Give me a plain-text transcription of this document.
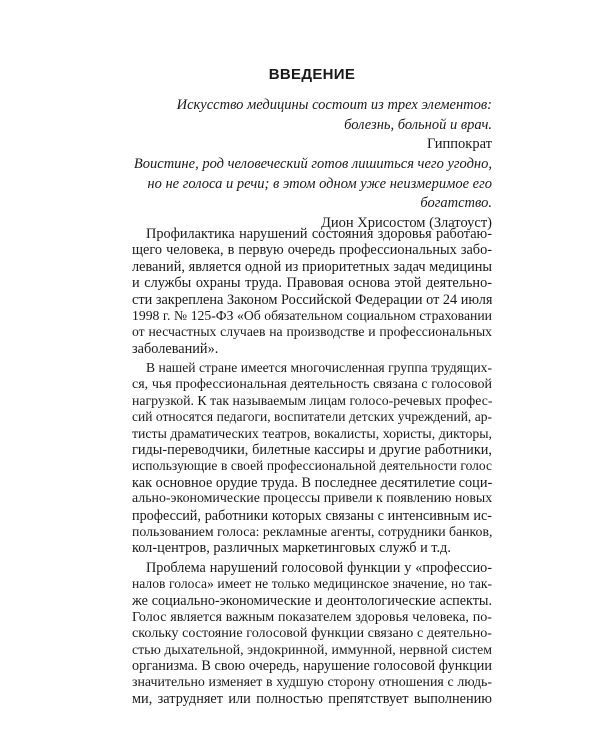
ВВЕДЕНИЕ
Искусство медицины состоит из трех элементов:
болезнь, больной и врач.
Гиппократ
Воистине, род человеческий готов лишиться чего угодно,
но не голоса и речи; в этом одном уже неизмеримое его
богатство.
Дион Хрисостом (Златоуст)

Профилактика нарушений состояния здоровья работаю-
щего человека, в первую очередь профессиональных забо-
леваний, является одной из приоритетных задач медицины
и службы охраны труда. Правовая основа этой деятельно-
сти закреплена Законом Российской Федерации от 24 июля
1998 г. № 125-ФЗ «Об обязательном социальном страховании
от несчастных случаев на производстве и профессиональных
заболеваний».

В нашей стране имеется многочисленная группа трудящих-
ся, чья профессиональная деятельность связана с голосовой
нагрузкой. К так называемым лицам голосо-речевых профес-
сий относятся педагоги, воспитатели детских учреждений, ар-
тисты драматических театров, вокалисты, хористы, дикторы,
гиды-переводчики, билетные кассиры и другие работники,
использующие в своей профессиональной деятельности голос
как основное орудие труда. В последнее десятилетие соци-
ально-экономические процессы привели к появлению новых
профессий, работники которых связаны с интенсивным ис-
пользованием голоса: рекламные агенты, сотрудники банков,
кол-центров, различных маркетинговых служб и т.д.

Проблема нарушений голосовой функции у «профессио-
налов голоса» имеет не только медицинское значение, но так-
же социально-экономические и деонтологические аспекты.
Голос является важным показателем здоровья человека, по-
скольку состояние голосовой функции связано с деятельно-
стью дыхательной, эндокринной, иммунной, нервной систем
организма. В свою очередь, нарушение голосовой функции
значительно изменяет в худшую сторону отношения с людь-
ми, затрудняет или полностью препятствует выполнению
